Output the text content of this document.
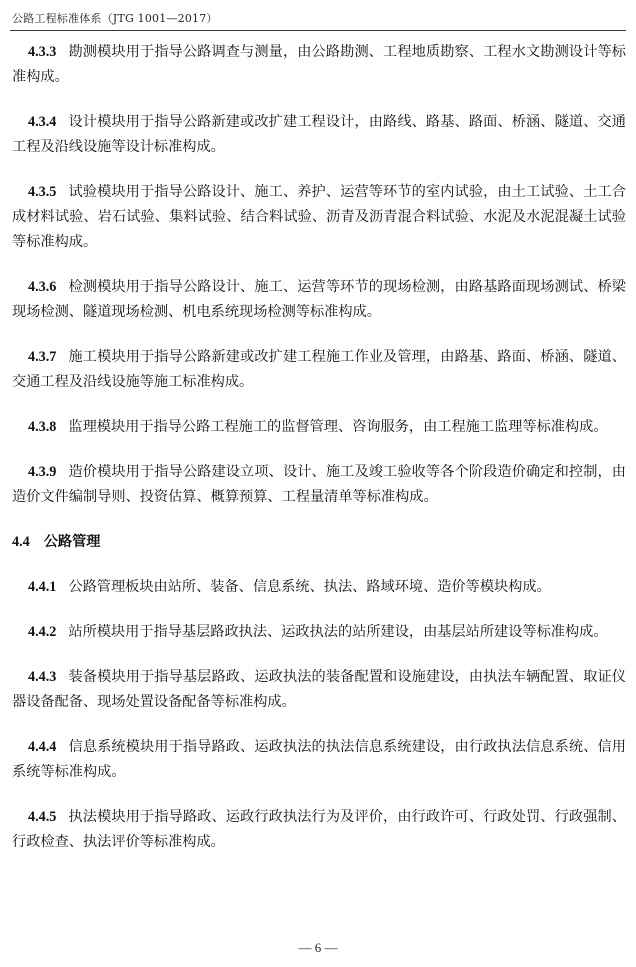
公路工程标准体系（JTG 1001—2017）

4.3.3 勘测模块用于指导公路调查与测量，由公路勘测、工程地质勘察、工程水文勘测设计等标准构成。

4.3.4 设计模块用于指导公路新建或改扩建工程设计，由路线、路基、路面、桥涵、隧道、交通工程及沿线设施等设计标准构成。

4.3.5 试验模块用于指导公路设计、施工、养护、运营等环节的室内试验，由土工试验、土工合成材料试验、岩石试验、集料试验、结合料试验、沥青及沥青混合料试验、水泥及水泥混凝土试验等标准构成。

4.3.6 检测模块用于指导公路设计、施工、运营等环节的现场检测，由路基路面现场测试、桥梁现场检测、隧道现场检测、机电系统现场检测等标准构成。

4.3.7 施工模块用于指导公路新建或改扩建工程施工作业及管理，由路基、路面、桥涵、隧道、交通工程及沿线设施等施工标准构成。

4.3.8 监理模块用于指导公路工程施工的监督管理、咨询服务，由工程施工监理等标准构成。

4.3.9 造价模块用于指导公路建设立项、设计、施工及竣工验收等各个阶段造价确定和控制，由造价文件编制导则、投资估算、概算预算、工程量清单等标准构成。

4.4 公路管理

4.4.1 公路管理板块由站所、装备、信息系统、执法、路域环境、造价等模块构成。

4.4.2 站所模块用于指导基层路政执法、运政执法的站所建设，由基层站所建设等标准构成。

4.4.3 装备模块用于指导基层路政、运政执法的装备配置和设施建设，由执法车辆配置、取证仪器设备配备、现场处置设备配备等标准构成。

4.4.4 信息系统模块用于指导路政、运政执法的执法信息系统建设，由行政执法信息系统、信用系统等标准构成。

4.4.5 执法模块用于指导路政、运政行政执法行为及评价，由行政许可、行政处罚、行政强制、行政检查、执法评价等标准构成。

— 6 —
